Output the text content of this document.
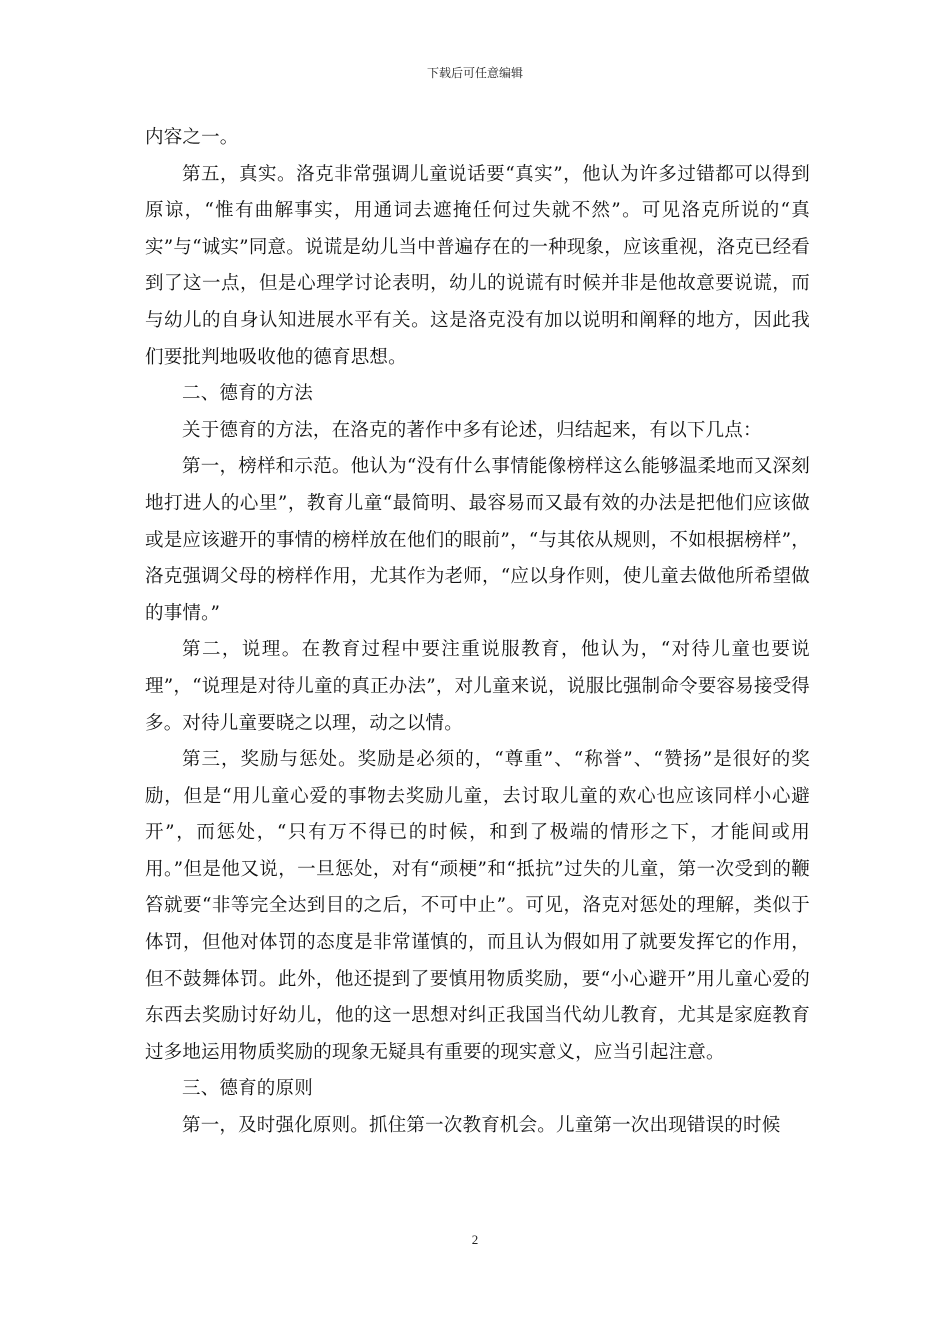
下载后可任意编辑

内容之一。

第五，真实。洛克非常强调儿童说话要“真实”，他认为许多过错都可以得到原谅，“惟有曲解事实，用通词去遮掩任何过失就不然”。可见洛克所说的“真实”与“诚实”同意。说谎是幼儿当中普遍存在的一种现象，应该重视，洛克已经看到了这一点，但是心理学讨论表明，幼儿的说谎有时候并非是他故意要说谎，而与幼儿的自身认知进展水平有关。这是洛克没有加以说明和阐释的地方，因此我们要批判地吸收他的德育思想。

二、德育的方法

关于德育的方法，在洛克的著作中多有论述，归结起来，有以下几点：

第一，榜样和示范。他认为“没有什么事情能像榜样这么能够温柔地而又深刻地打进人的心里”，教育儿童“最简明、最容易而又最有效的办法是把他们应该做或是应该避开的事情的榜样放在他们的眼前”，“与其依从规则，不如根据榜样”，洛克强调父母的榜样作用，尤其作为老师，“应以身作则，使儿童去做他所希望做的事情。”

第二，说理。在教育过程中要注重说服教育，他认为，“对待儿童也要说理”，“说理是对待儿童的真正办法”，对儿童来说，说服比强制命令要容易接受得多。对待儿童要晓之以理，动之以情。

第三，奖励与惩处。奖励是必须的，“尊重”、“称誉”、“赞扬”是很好的奖励，但是“用儿童心爱的事物去奖励儿童，去讨取儿童的欢心也应该同样小心避开”，而惩处，“只有万不得已的时候，和到了极端的情形之下，才能间或用用。”但是他又说，一旦惩处，对有“顽梗”和“抵抗”过失的儿童，第一次受到的鞭笞就要“非等完全达到目的之后，不可中止”。可见，洛克对惩处的理解，类似于体罚，但他对体罚的态度是非常谨慎的，而且认为假如用了就要发挥它的作用，但不鼓舞体罚。此外，他还提到了要慎用物质奖励，要“小心避开”用儿童心爱的东西去奖励讨好幼儿，他的这一思想对纠正我国当代幼儿教育，尤其是家庭教育过多地运用物质奖励的现象无疑具有重要的现实意义，应当引起注意。

三、德育的原则

第一，及时强化原则。抓住第一次教育机会。儿童第一次出现错误的时候

2
